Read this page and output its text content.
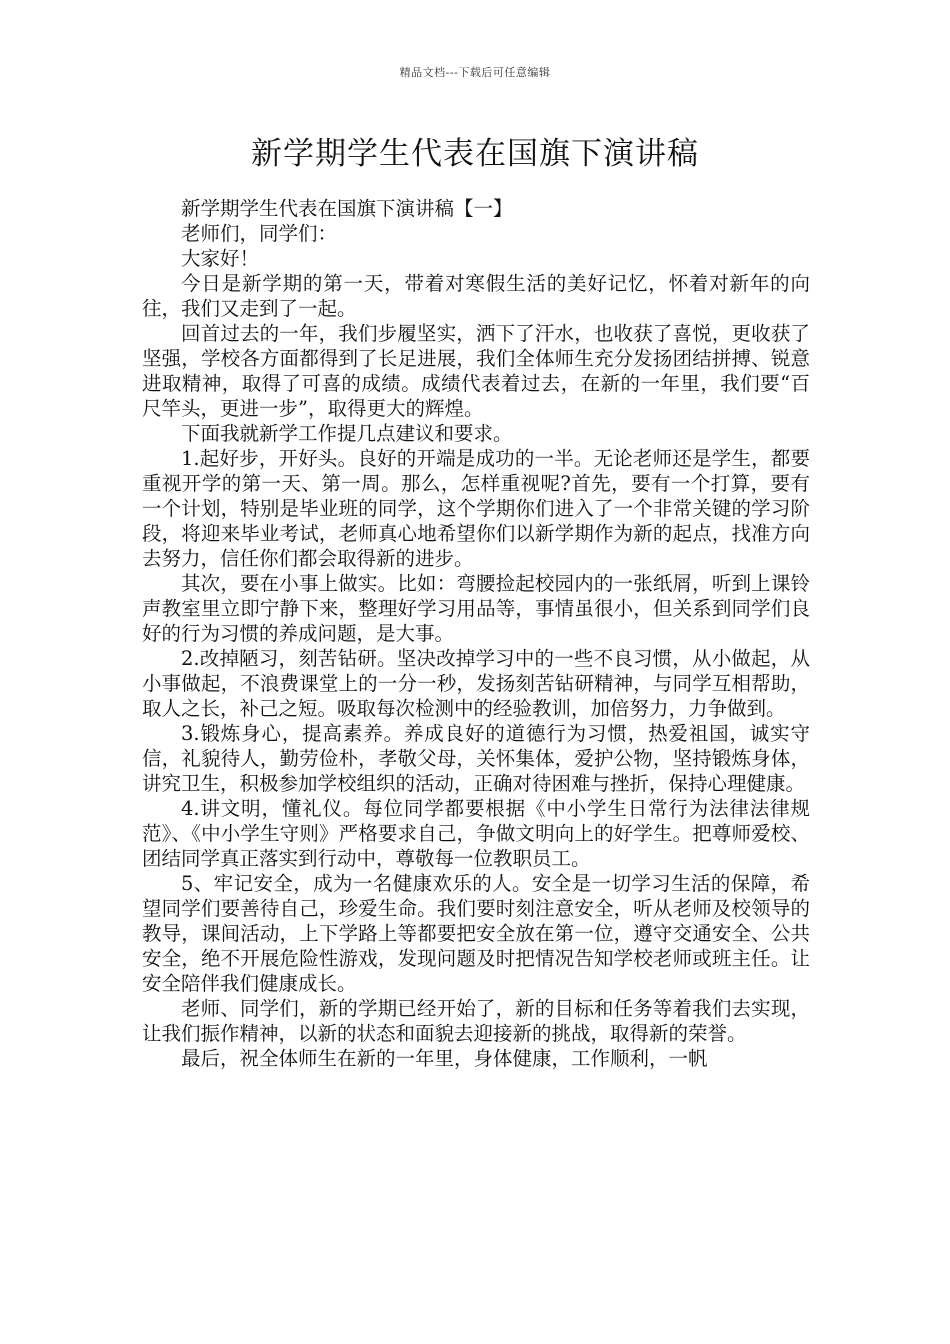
精品文档---下载后可任意编辑
新学期学生代表在国旗下演讲稿

新学期学生代表在国旗下演讲稿【一】

老师们，同学们：

大家好！

今日是新学期的第一天，带着对寒假生活的美好记忆，怀着对新年的向往，我们又走到了一起。

回首过去的一年，我们步履坚实，洒下了汗水，也收获了喜悦，更收获了坚强，学校各方面都得到了长足进展，我们全体师生充分发扬团结拼搏、锐意进取精神，取得了可喜的成绩。成绩代表着过去，在新的一年里，我们要“百尺竿头，更进一步”，取得更大的辉煌。

下面我就新学工作提几点建议和要求。

1.起好步，开好头。良好的开端是成功的一半。无论老师还是学生，都要重视开学的第一天、第一周。那么，怎样重视呢?首先，要有一个打算，要有一个计划，特别是毕业班的同学，这个学期你们进入了一个非常关键的学习阶段，将迎来毕业考试，老师真心地希望你们以新学期作为新的起点，找准方向去努力，信任你们都会取得新的进步。

其次，要在小事上做实。比如：弯腰捡起校园内的一张纸屑，听到上课铃声教室里立即宁静下来，整理好学习用品等，事情虽很小，但关系到同学们良好的行为习惯的养成问题，是大事。

2.改掉陋习，刻苦钻研。坚决改掉学习中的一些不良习惯，从小做起，从小事做起，不浪费课堂上的一分一秒，发扬刻苦钻研精神，与同学互相帮助，取人之长，补己之短。吸取每次检测中的经验教训，加倍努力，力争做到。

3.锻炼身心，提高素养。养成良好的道德行为习惯，热爱祖国，诚实守信，礼貌待人，勤劳俭朴，孝敬父母，关怀集体，爱护公物，坚持锻炼身体，讲究卫生，积极参加学校组织的活动，正确对待困难与挫折，保持心理健康。

4.讲文明，懂礼仪。每位同学都要根据《中小学生日常行为法律法律规范》、《中小学生守则》严格要求自己，争做文明向上的好学生。把尊师爱校、团结同学真正落实到行动中，尊敬每一位教职员工。

5、牢记安全，成为一名健康欢乐的人。安全是一切学习生活的保障，希望同学们要善待自己，珍爱生命。我们要时刻注意安全，听从老师及校领导的教导，课间活动，上下学路上等都要把安全放在第一位，遵守交通安全、公共安全，绝不开展危险性游戏，发现问题及时把情况告知学校老师或班主任。让安全陪伴我们健康成长。

老师、同学们，新的学期已经开始了，新的目标和任务等着我们去实现，让我们振作精神，以新的状态和面貌去迎接新的挑战，取得新的荣誉。

最后，祝全体师生在新的一年里，身体健康，工作顺利，一帆
